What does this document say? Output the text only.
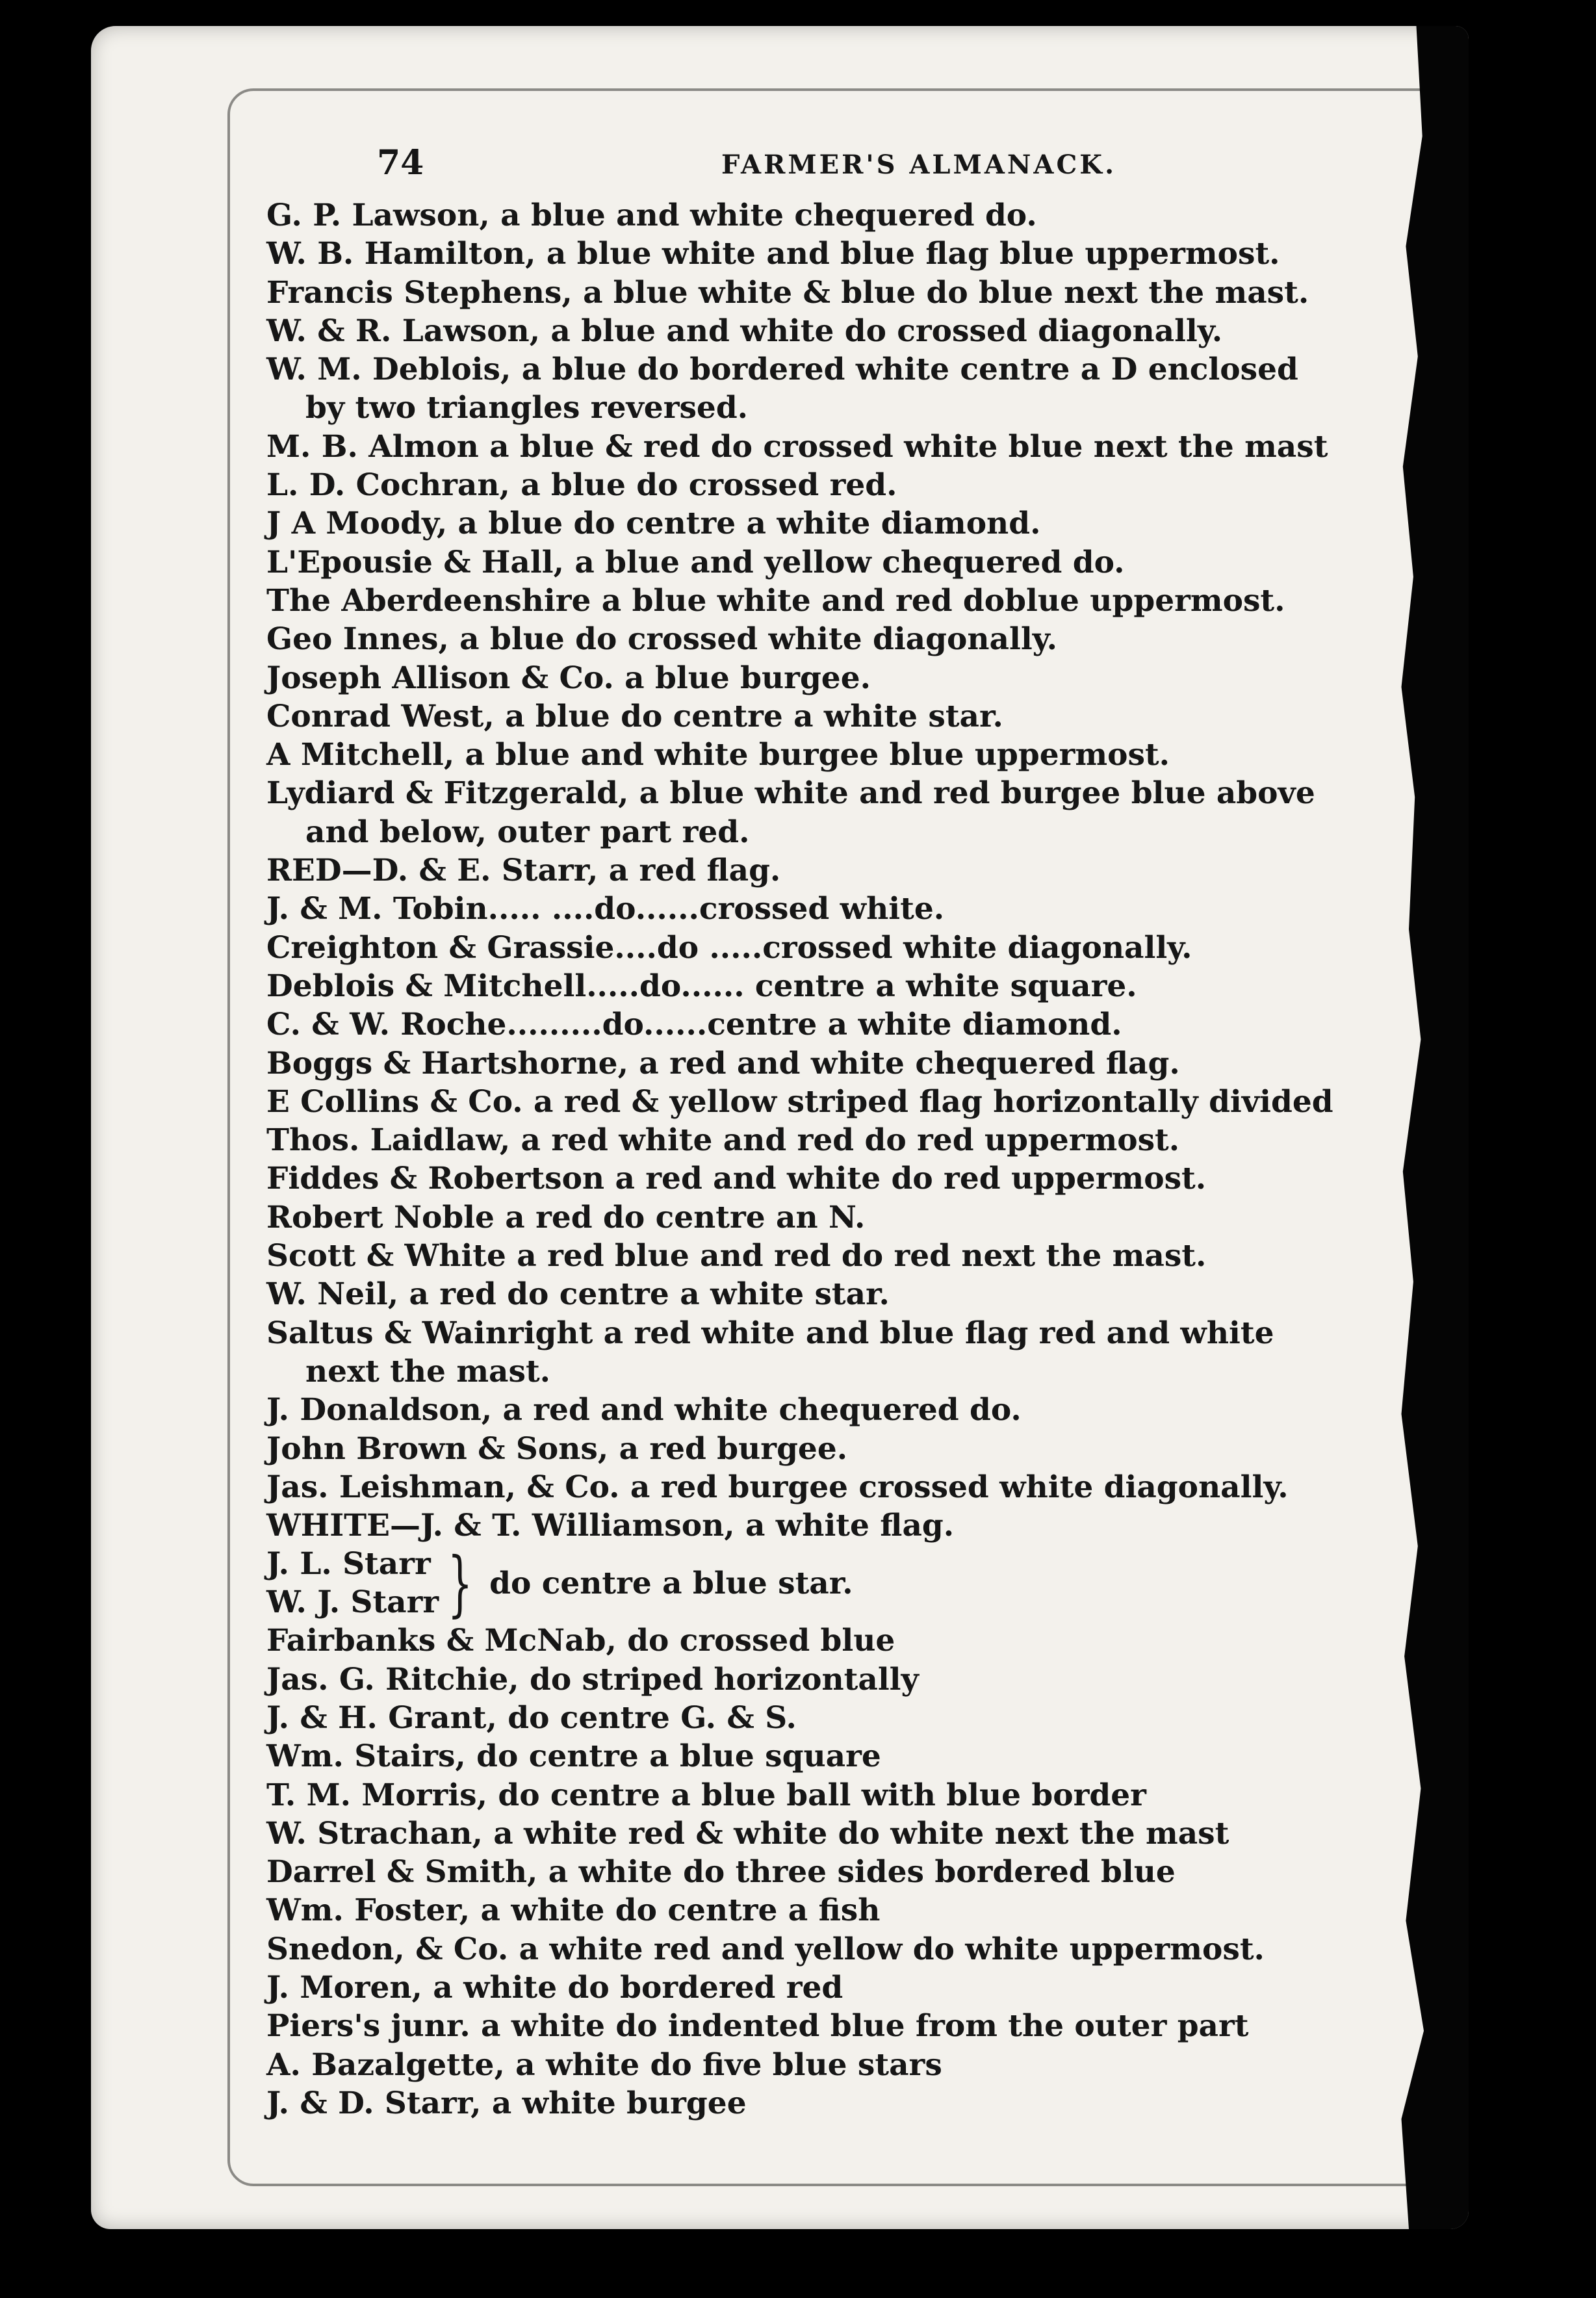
74	FARMER'S ALMANACK.
G. P. Lawson, a blue and white chequered do.
W. B. Hamilton, a blue white and blue flag blue uppermost.
Francis Stephens, a blue white & blue do blue next the mast.
W. & R. Lawson, a blue and white do crossed diagonally.
W. M. Deblois, a blue do bordered white centre a D enclosed
by two triangles reversed.
M. B. Almon a blue & red do crossed white blue next the mast
L. D. Cochran, a blue do crossed red.
J A Moody, a blue do centre a white diamond.
L'Epousie & Hall, a blue and yellow chequered do.
The Aberdeenshire a blue white and red doblue uppermost.
Geo Innes, a blue do crossed white diagonally.
Joseph Allison & Co. a blue burgee.
Conrad West, a blue do centre a white star.
A Mitchell, a blue and white burgee blue uppermost.
Lydiard & Fitzgerald, a blue white and red burgee blue above
and below, outer part red.
RED—D. & E. Starr, a red flag.
J. & M. Tobin..... ....do......crossed white.
Creighton & Grassie....do .....crossed white diagonally.
Deblois & Mitchell.....do...... centre a white square.
C. & W. Roche.........do......centre a white diamond.
Boggs & Hartshorne, a red and white chequered flag.
E Collins & Co. a red & yellow striped flag horizontally divided
Thos. Laidlaw, a red white and red do red uppermost.
Fiddes & Robertson a red and white do red uppermost.
Robert Noble a red do centre an N.
Scott & White a red blue and red do red next the mast.
W. Neil, a red do centre a white star.
Saltus & Wainright a red white and blue flag red and white
next the mast.
J. Donaldson, a red and white chequered do.
John Brown & Sons, a red burgee.
Jas. Leishman, & Co. a red burgee crossed white diagonally.
WHITE—J. & T. Williamson, a white flag.
J. L. Starr
W. J. Starr } do centre a blue star.
Fairbanks & McNab, do crossed blue
Jas. G. Ritchie, do striped horizontally
J. & H. Grant, do centre G. & S.
Wm. Stairs, do centre a blue square
T. M. Morris, do centre a blue ball with blue border
W. Strachan, a white red & white do white next the mast
Darrel & Smith, a white do three sides bordered blue
Wm. Foster, a white do centre a fish
Snedon, & Co. a white red and yellow do white uppermost.
J. Moren, a white do bordered red
Piers's junr. a white do indented blue from the outer part
A. Bazalgette, a white do five blue stars
J. & D. Starr, a white burgee
